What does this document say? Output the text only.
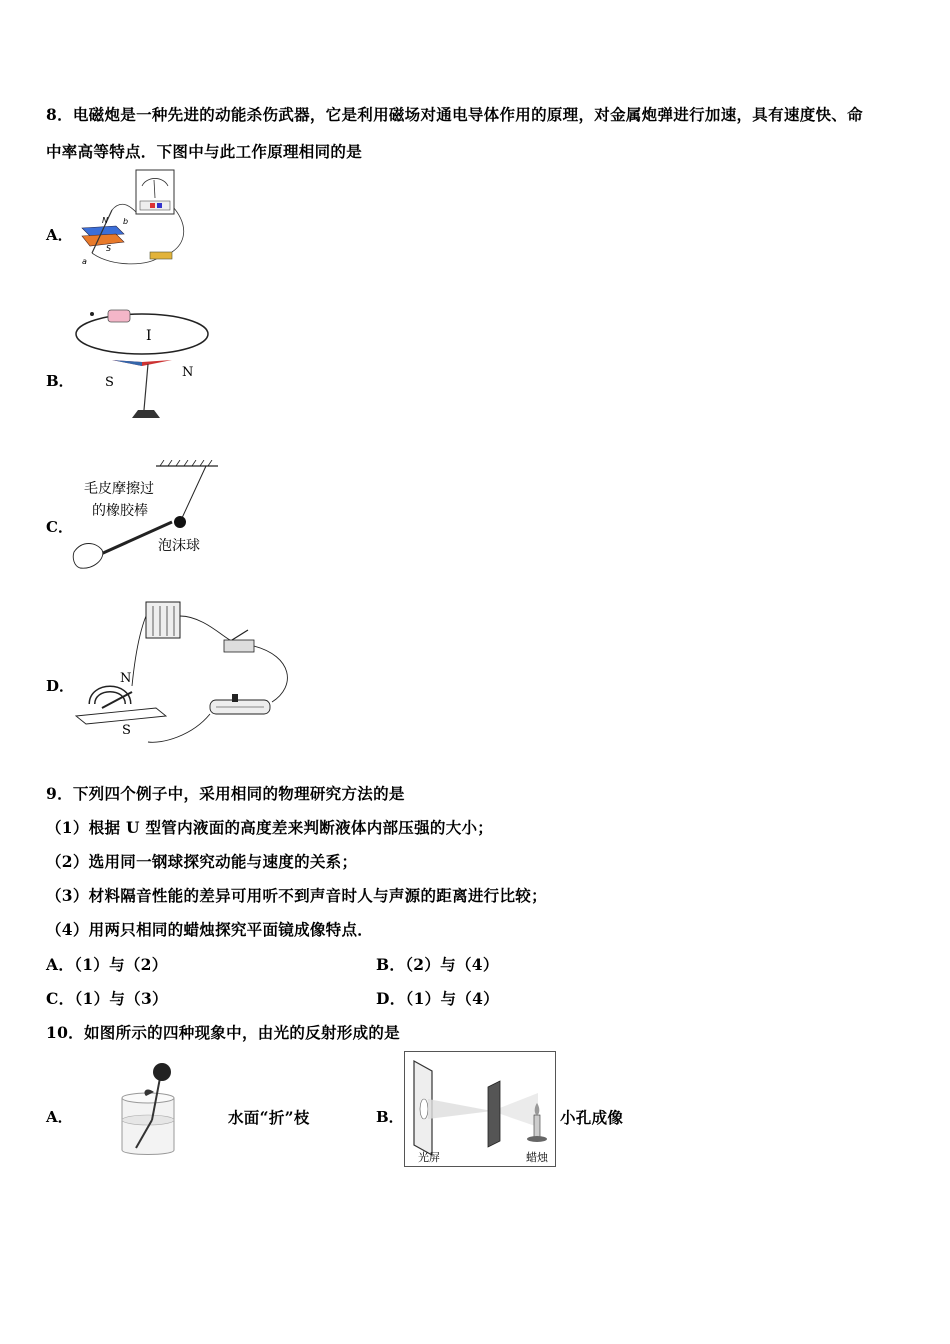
8．电磁炮是一种先进的动能杀伤武器，它是利用磁场对通电导体作用的原理，对金属炮弹进行加速，具有速度快、命
中率高等特点．下图中与此工作原理相同的是
A．
N
S
a
b
B．
I
S
N
C．
毛皮摩擦过
的橡胶棒
泡沫球
D．	N
S
9．下列四个例子中，采用相同的物理研究方法的是
（1）根据 U 型管内液面的高度差来判断液体内部压强的大小；
（2）选用同一钢球探究动能与速度的关系；
（3）材料隔音性能的差异可用听不到声音时人与声源的距离进行比较；
（4）用两只相同的蜡烛探究平面镜成像特点．
A．（1）与（2）	B．（2）与（4）
C．（1）与（3）	D．（1）与（4）
10．如图所示的四种现象中，由光的反射形成的是
A．	水面“折”枝	B．
光屏	蜡烛
小孔成像
